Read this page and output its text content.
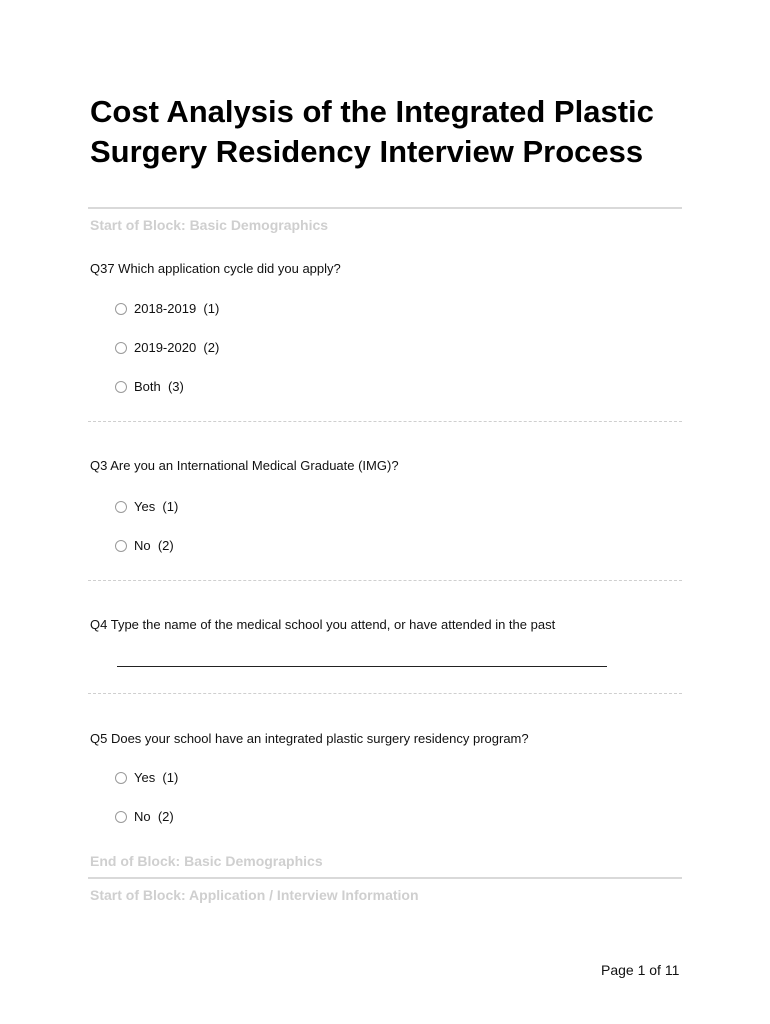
Cost Analysis of the Integrated Plastic Surgery Residency Interview Process
Start of Block: Basic Demographics
Q37 Which application cycle did you apply?
2018-2019  (1)
2019-2020  (2)
Both  (3)
Q3 Are you an International Medical Graduate (IMG)?
Yes  (1)
No  (2)
Q4 Type the name of the medical school you attend, or have attended in the past
Q5 Does your school have an integrated plastic surgery residency program?
Yes  (1)
No  (2)
End of Block: Basic Demographics
Start of Block: Application / Interview Information
Page 1 of 11
